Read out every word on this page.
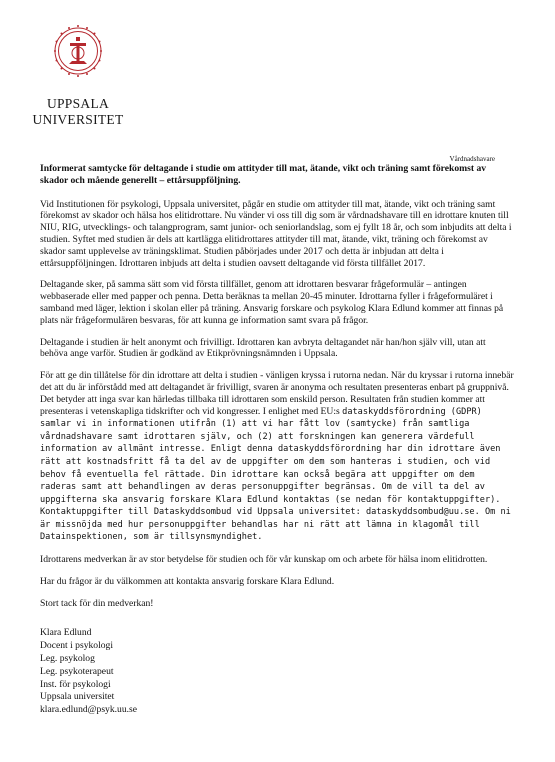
UPPSALA
UNIVERSITET
Vårdnadshavare

Informerat samtycke för deltagande i studie om attityder till mat, ätande, vikt och träning samt förekomst av skador och mående generellt – ettårsuppföljning.

Vid Institutionen för psykologi, Uppsala universitet, pågår en studie om attityder till mat, ätande, vikt och träning samt förekomst av skador och hälsa hos elitidrottare. Nu vänder vi oss till dig som är vårdnadshavare till en idrottare knuten till NIU, RIG, utvecklings- och talangprogram, samt junior- och seniorlandslag, som ej fyllt 18 år, och som inbjudits att delta i studien. Syftet med studien är dels att kartlägga elitidrottares attityder till mat, ätande, vikt, träning och förekomst av skador samt upplevelse av träningsklimat. Studien påbörjades under 2017 och detta är inbjudan att delta i ettårsuppföljningen. Idrottaren inbjuds att delta i studien oavsett deltagande vid första tillfället 2017.

Deltagande sker, på samma sätt som vid första tillfället, genom att idrottaren besvarar frågeformulär – antingen webbaserade eller med papper och penna. Detta beräknas ta mellan 20-45 minuter. Idrottarna fyller i frågeformuläret i samband med läger, lektion i skolan eller på träning. Ansvarig forskare och psykolog Klara Edlund kommer att finnas på plats när frågeformulären besvaras, för att kunna ge information samt svara på frågor.

Deltagande i studien är helt anonymt och frivilligt. Idrottaren kan avbryta deltagandet när han/hon själv vill, utan att behöva ange varför. Studien är godkänd av Etikprövningsnämnden i Uppsala.

För att ge din tillåtelse för din idrottare att delta i studien - vänligen kryssa i rutorna nedan. När du kryssar i rutorna innebär det att du är införstådd med att deltagandet är frivilligt, svaren är anonyma och resultaten presenteras enbart på gruppnivå. Det betyder att inga svar kan härledas tillbaka till idrottaren som enskild person. Resultaten från studien kommer att presenteras i vetenskapliga tidskrifter och vid kongresser. I enlighet med EU:s dataskyddsförordning (GDPR) samlar vi in informationen utifrån (1) att vi har fått lov (samtycke) från samtliga vårdnadshavare samt idrottaren själv, och (2) att forskningen kan generera värdefull information av allmänt intresse. Enligt denna dataskyddsförordning har din idrottare även rätt att kostnadsfritt få ta del av de uppgifter om dem som hanteras i studien, och vid behov få eventuella fel rättade. Din idrottare kan också begära att uppgifter om dem raderas samt att behandlingen av deras personuppgifter begränsas. Om de vill ta del av uppgifterna ska ansvarig forskare Klara Edlund kontaktas (se nedan för kontaktuppgifter). Kontaktuppgifter till Dataskyddsombud vid Uppsala universitet: dataskyddsombud@uu.se. Om ni är missnöjda med hur personuppgifter behandlas har ni rätt att lämna in klagomål till Datainspektionen, som är tillsynsmyndighet.

Idrottarens medverkan är av stor betydelse för studien och för vår kunskap om och arbete för hälsa inom elitidrotten.

Har du frågor är du välkommen att kontakta ansvarig forskare Klara Edlund.

Stort tack för din medverkan!

Klara Edlund
Docent i psykologi
Leg. psykolog
Leg. psykoterapeut
Inst. för psykologi
Uppsala universitet
klara.edlund@psyk.uu.se
